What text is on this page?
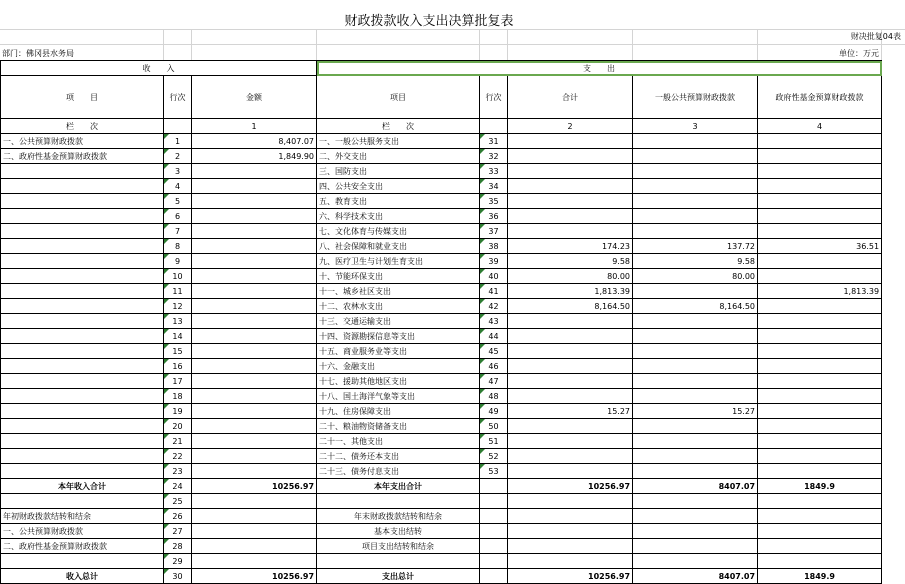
财政拨款收入支出决算批复表
财决批复04表
部门：佛冈县水务局	单位：万元
收　　入			支　　出				
项　　目	行次	金额	项目	行次	合计	一般公共预算财政拨款	政府性基金预算财政拨款
栏　　次		1	栏　　次		2	3	4
一、公共预算财政拨款	1	8,407.07	一、一般公共服务支出	31			
二、政府性基金预算财政拨款	2	1,849.90	二、外交支出	32			
	3		三、国防支出	33			
	4		四、公共安全支出	34			
	5		五、教育支出	35			
	6		六、科学技术支出	36			
	7		七、文化体育与传媒支出	37			
	8		八、社会保障和就业支出	38	174.23	137.72	36.51
	9		九、医疗卫生与计划生育支出	39	9.58	9.58	
	10		十、节能环保支出	40	80.00	80.00	
	11		十一、城乡社区支出	41	1,813.39		1,813.39
	12		十二、农林水支出	42	8,164.50	8,164.50	
	13		十三、交通运输支出	43			
	14		十四、资源勘探信息等支出	44			
	15		十五、商业服务业等支出	45			
	16		十六、金融支出	46			
	17		十七、援助其他地区支出	47			
	18		十八、国土海洋气象等支出	48			
	19		十九、住房保障支出	49	15.27	15.27	
	20		二十、粮油物资储备支出	50			
	21		二十一、其他支出	51			
	22		二十二、债务还本支出	52			
	23		二十三、债务付息支出	53			
本年收入合计	24	10256.97	本年支出合计		10256.97	8407.07	1849.9
	25						
年初财政拨款结转和结余	26		年末财政拨款结转和结余				
一、公共预算财政拨款	27		基本支出结转				
二、政府性基金预算财政拨款	28		项目支出结转和结余				
	29						
收入总计	30	10256.97	支出总计		10256.97	8407.07	1849.9
